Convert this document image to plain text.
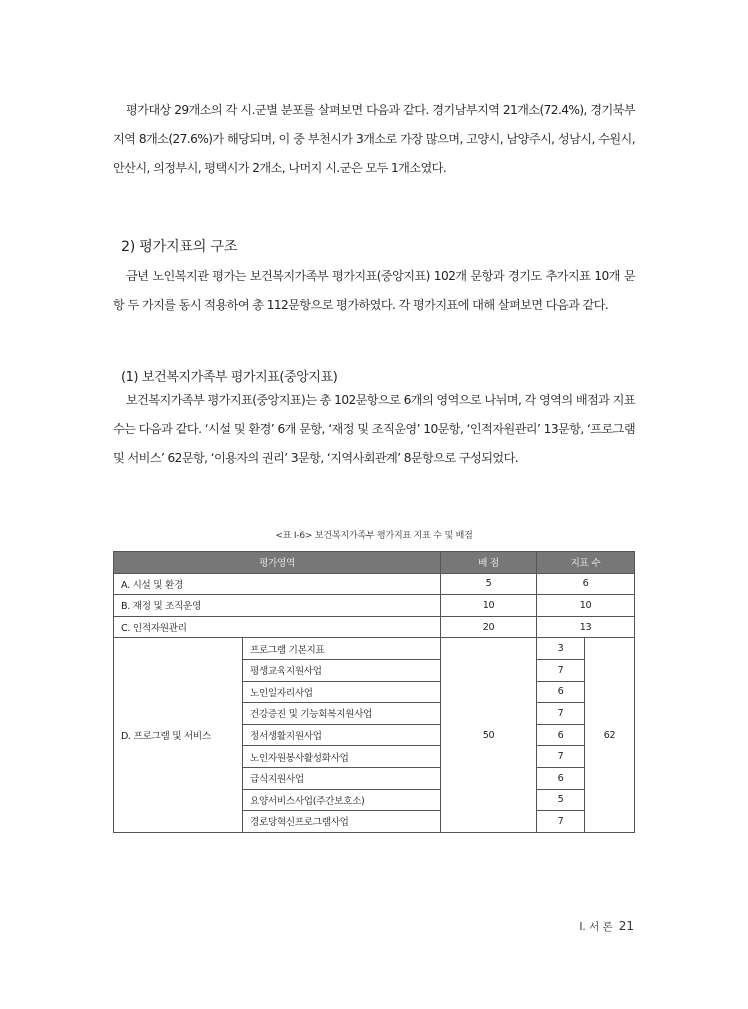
평가대상 29개소의 각 시․군별 분포를 살펴보면 다음과 같다. 경기남부지역 21개소(72.4%), 경기북부지역 8개소(27.6%)가 해당되며, 이 중 부천시가 3개소로 가장 많으며, 고양시, 남양주시, 성남시, 수원시, 안산시, 의정부시, 평택시가 2개소, 나머지 시․군은 모두 1개소였다.

2) 평가지표의 구조

금년 노인복지관 평가는 보건복지가족부 평가지표(중앙지표) 102개 문항과 경기도 추가지표 10개 문항 두 가지를 동시 적용하여 총 112문항으로 평가하였다. 각 평가지표에 대해 살펴보면 다음과 같다.

(1) 보건복지가족부 평가지표(중앙지표)

보건복지가족부 평가지표(중앙지표)는 총 102문항으로 6개의 영역으로 나뉘며, 각 영역의 배점과 지표 수는 다음과 같다. ‘시설 및 환경’ 6개 문항, ‘재정 및 조직운영’ 10문항, ‘인적자원관리’ 13문항, ‘프로그램 및 서비스’ 62문항, ‘이용자의 권리’ 3문항, ‘지역사회관계’ 8문항으로 구성되었다.

<표 Ⅰ-6> 보건복지가족부 평가지표 지표 수 및 배점
평가영역		배 점	지표 수	
A. 시설 및 환경		5	6	
B. 재정 및 조직운영		10	10	
C. 인적자원관리		20	13	
D. 프로그램 및 서비스	프로그램 기본지표	50	3	62
	평생교육지원사업		7	
	노인일자리사업		6	
	건강증진 및 기능회복지원사업		7	
	정서생활지원사업		6	
	노인자원봉사활성화사업		7	
	급식지원사업		6	
	요양서비스사업(주간보호소)		5	
	경로당혁신프로그램사업		7	
Ⅰ. 서 론 21
